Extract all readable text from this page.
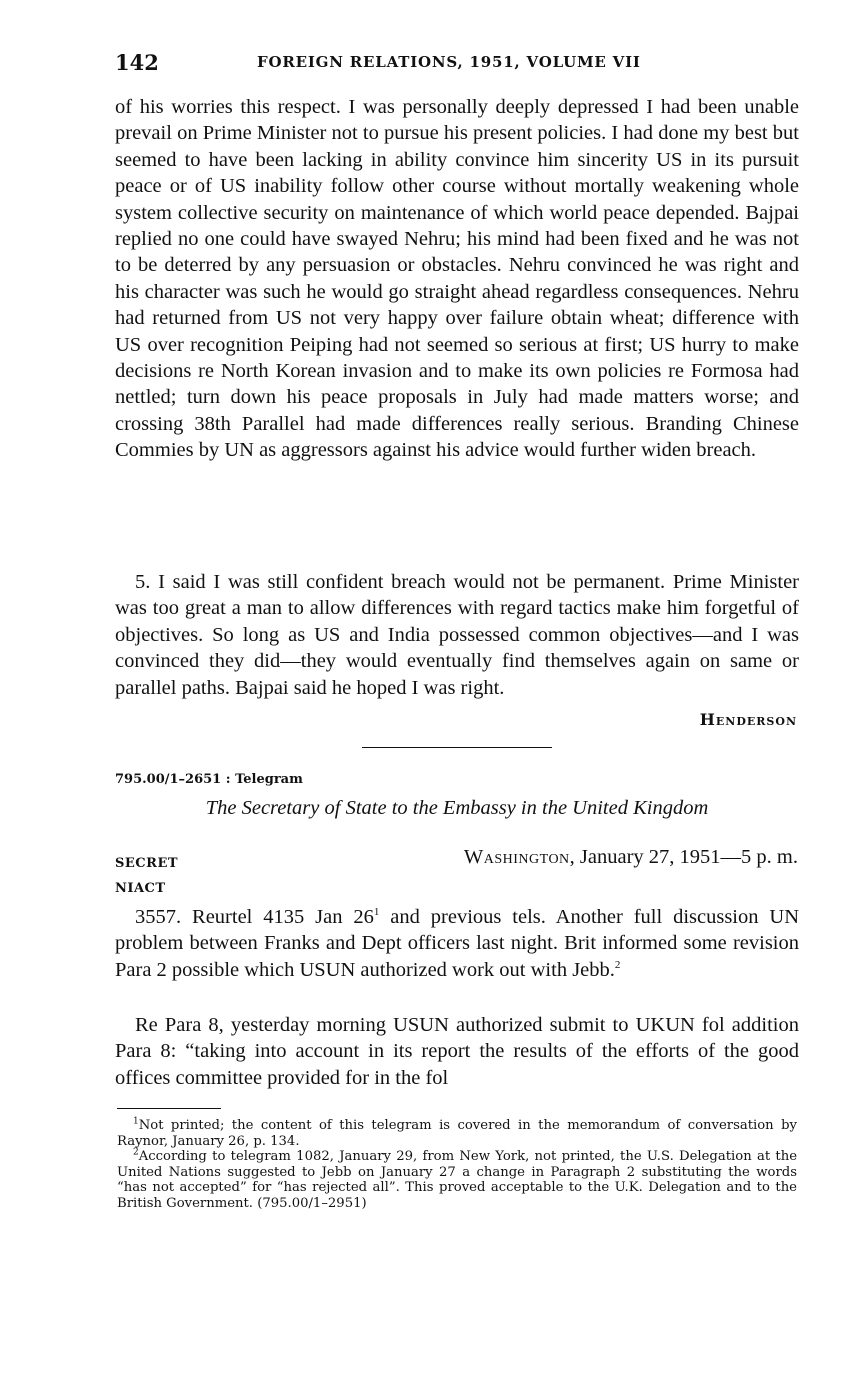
142	FOREIGN RELATIONS, 1951, VOLUME VII

of his worries this respect. I was personally deeply depressed I had been unable prevail on Prime Minister not to pursue his present policies. I had done my best but seemed to have been lacking in ability convince him sincerity US in its pursuit peace or of US inability follow other course without mortally weakening whole system collective security on maintenance of which world peace depended. Bajpai replied no one could have swayed Nehru; his mind had been fixed and he was not to be deterred by any persuasion or obstacles. Nehru convinced he was right and his character was such he would go straight ahead regardless consequences. Nehru had returned from US not very happy over failure obtain wheat; difference with US over recognition Peiping had not seemed so serious at first; US hurry to make decisions re North Korean invasion and to make its own policies re Formosa had nettled; turn down his peace proposals in July had made matters worse; and crossing 38th Parallel had made differences really serious. Branding Chinese Commies by UN as aggressors against his advice would further widen breach.

5. I said I was still confident breach would not be permanent. Prime Minister was too great a man to allow differences with regard tactics make him forgetful of objectives. So long as US and India possessed common objectives—and I was convinced they did—they would eventually find themselves again on same or parallel paths. Bajpai said he hoped I was right.

Henderson
795.00/1–2651 : Telegram
The Secretary of State to the Embassy in the United Kingdom
SECRET
NIACT
Washington, January 27, 1951—5 p. m.

3557. Reurtel 4135 Jan $26^1$ and previous tels. Another full discussion UN problem between Franks and Dept officers last night. Brit informed some revision Para 2 possible which USUN authorized work out with Jebb.$^2$

Re Para 8, yesterday morning USUN authorized submit to UKUN fol addition Para 8: “taking into account in its report the results of the efforts of the good offices committee provided for in the fol

$^1$Not printed; the content of this telegram is covered in the memorandum of conversation by Raynor, January 26, p. 134.

$^2$According to telegram 1082, January 29, from New York, not printed, the U.S. Delegation at the United Nations suggested to Jebb on January 27 a change in Paragraph 2 substituting the words “has not accepted” for “has rejected all”. This proved acceptable to the U.K. Delegation and to the British Government. (795.00/1–2951)
